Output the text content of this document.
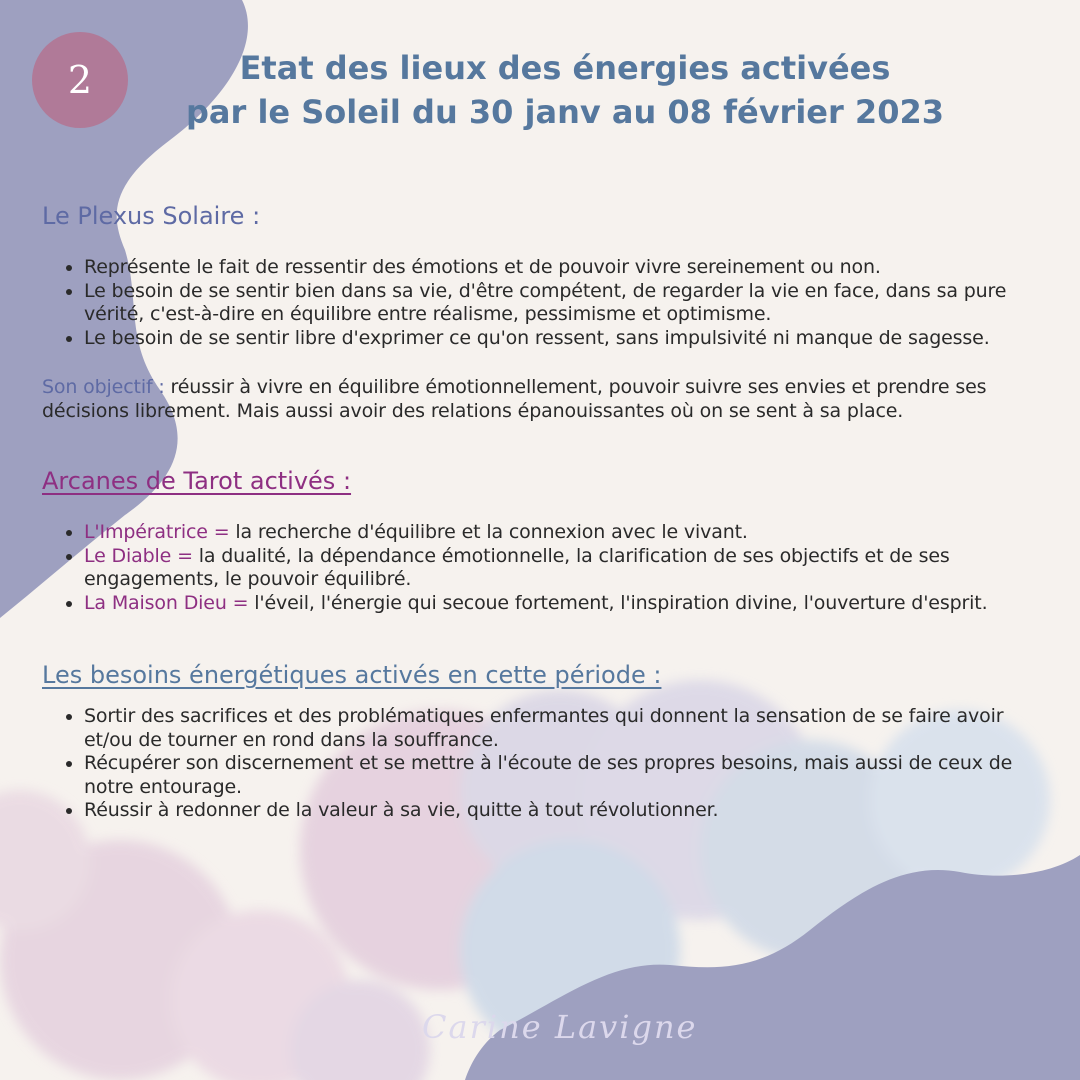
2	Etat des lieux des énergies activées
par le Soleil du 30 janv au 08 février 2023
Le Plexus Solaire :
• Représente le fait de ressentir des émotions et de pouvoir vivre sereinement ou non.
• Le besoin de se sentir bien dans sa vie, d'être compétent, de regarder la vie en face, dans sa pure vérité, c'est-à-dire en équilibre entre réalisme, pessimisme et optimisme.
• Le besoin de se sentir libre d'exprimer ce qu'on ressent, sans impulsivité ni manque de sagesse.

Son objectif : réussir à vivre en équilibre émotionnellement, pouvoir suivre ses envies et prendre ses décisions librement. Mais aussi avoir des relations épanouissantes où on se sent à sa place.

Arcanes de Tarot activés :
• L'Impératrice = la recherche d'équilibre et la connexion avec le vivant.
• Le Diable = la dualité, la dépendance émotionnelle, la clarification de ses objectifs et de ses engagements, le pouvoir équilibré.
• La Maison Dieu = l'éveil, l'énergie qui secoue fortement, l'inspiration divine, l'ouverture d'esprit.
Les besoins énergétiques activés en cette période :
• Sortir des sacrifices et des problématiques enfermantes qui donnent la sensation de se faire avoir et/ou de tourner en rond dans la souffrance.
• Récupérer son discernement et se mettre à l'écoute de ses propres besoins, mais aussi de ceux de notre entourage.
• Réussir à redonner de la valeur à sa vie, quitte à tout révolutionner.
Carine Lavigne
